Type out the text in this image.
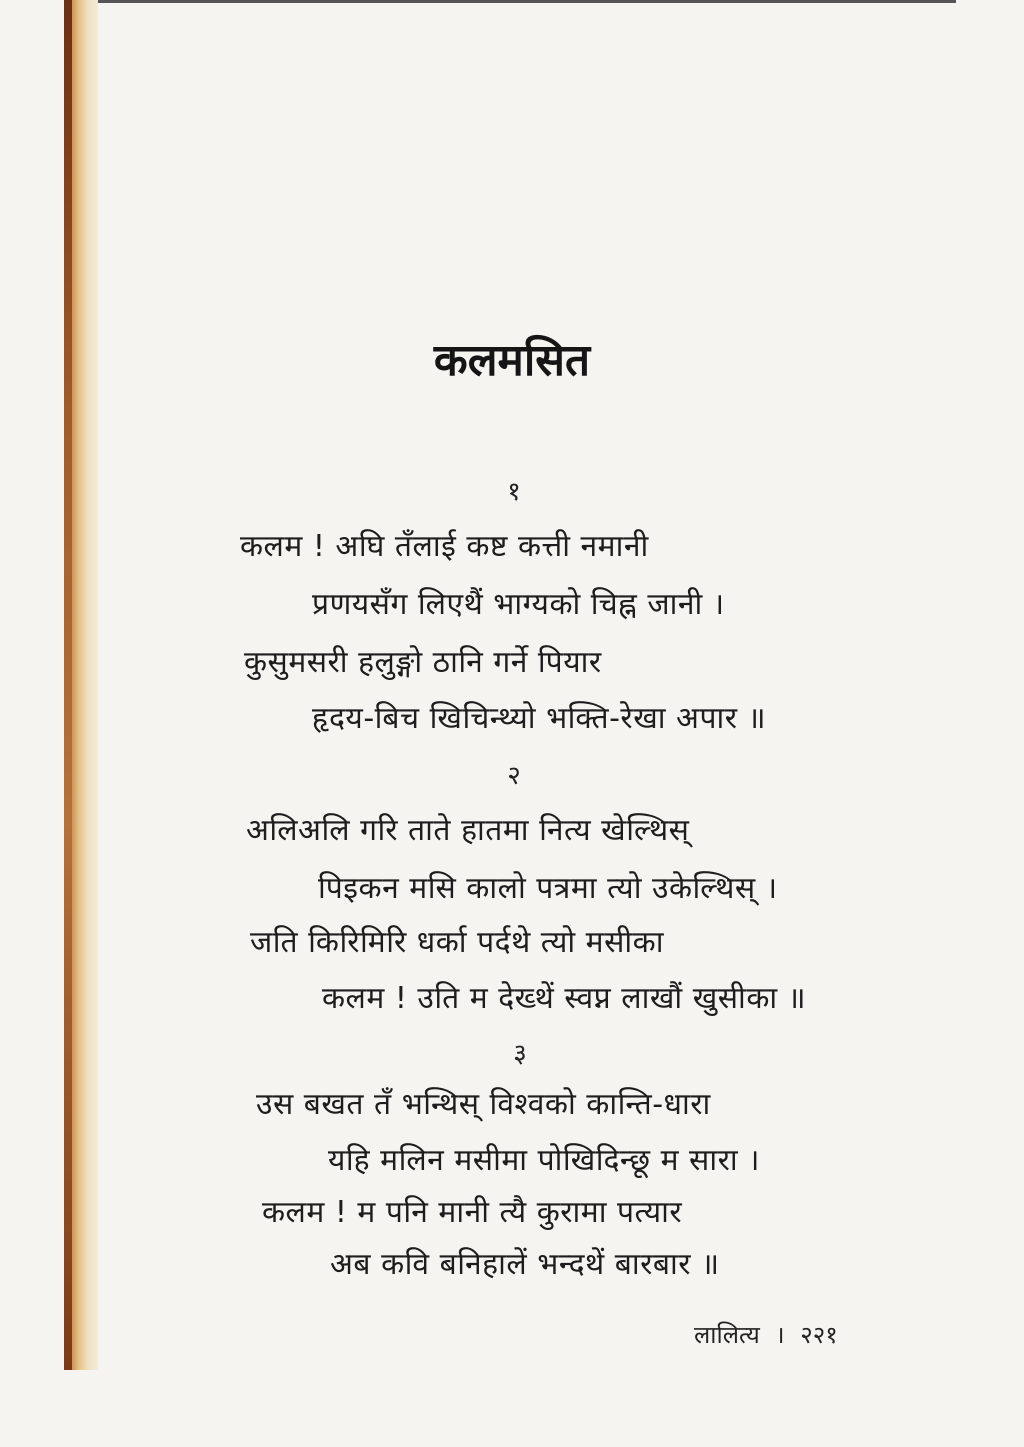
कलमसित
१
कलम ! अघि तँलाई कष्ट कत्ती नमानी
प्रणयसँग लिएथैं भाग्यको चिह्न जानी ।
कुसुमसरी हलुङ्गो ठानि गर्ने पियार
हृदय-बिच खिचिन्थ्यो भक्ति-रेखा अपार ॥
२
अलिअलि गरि ताते हातमा नित्य खेल्थिस्
पिइकन मसि कालो पत्रमा त्यो उकेल्थिस् ।
जति किरिमिरि धर्का पर्दथे त्यो मसीका
कलम ! उति म देख्थें स्वप्न लाखौं खुसीका ॥
३
उस बखत तँ भन्थिस् विश्वको कान्ति-धारा
यहि मलिन मसीमा पोखिदिन्छू म सारा ।
कलम ! म पनि मानी त्यै कुरामा पत्यार
अब कवि बनिहालें भन्दथें बारबार ॥
लालित्य । २२१
